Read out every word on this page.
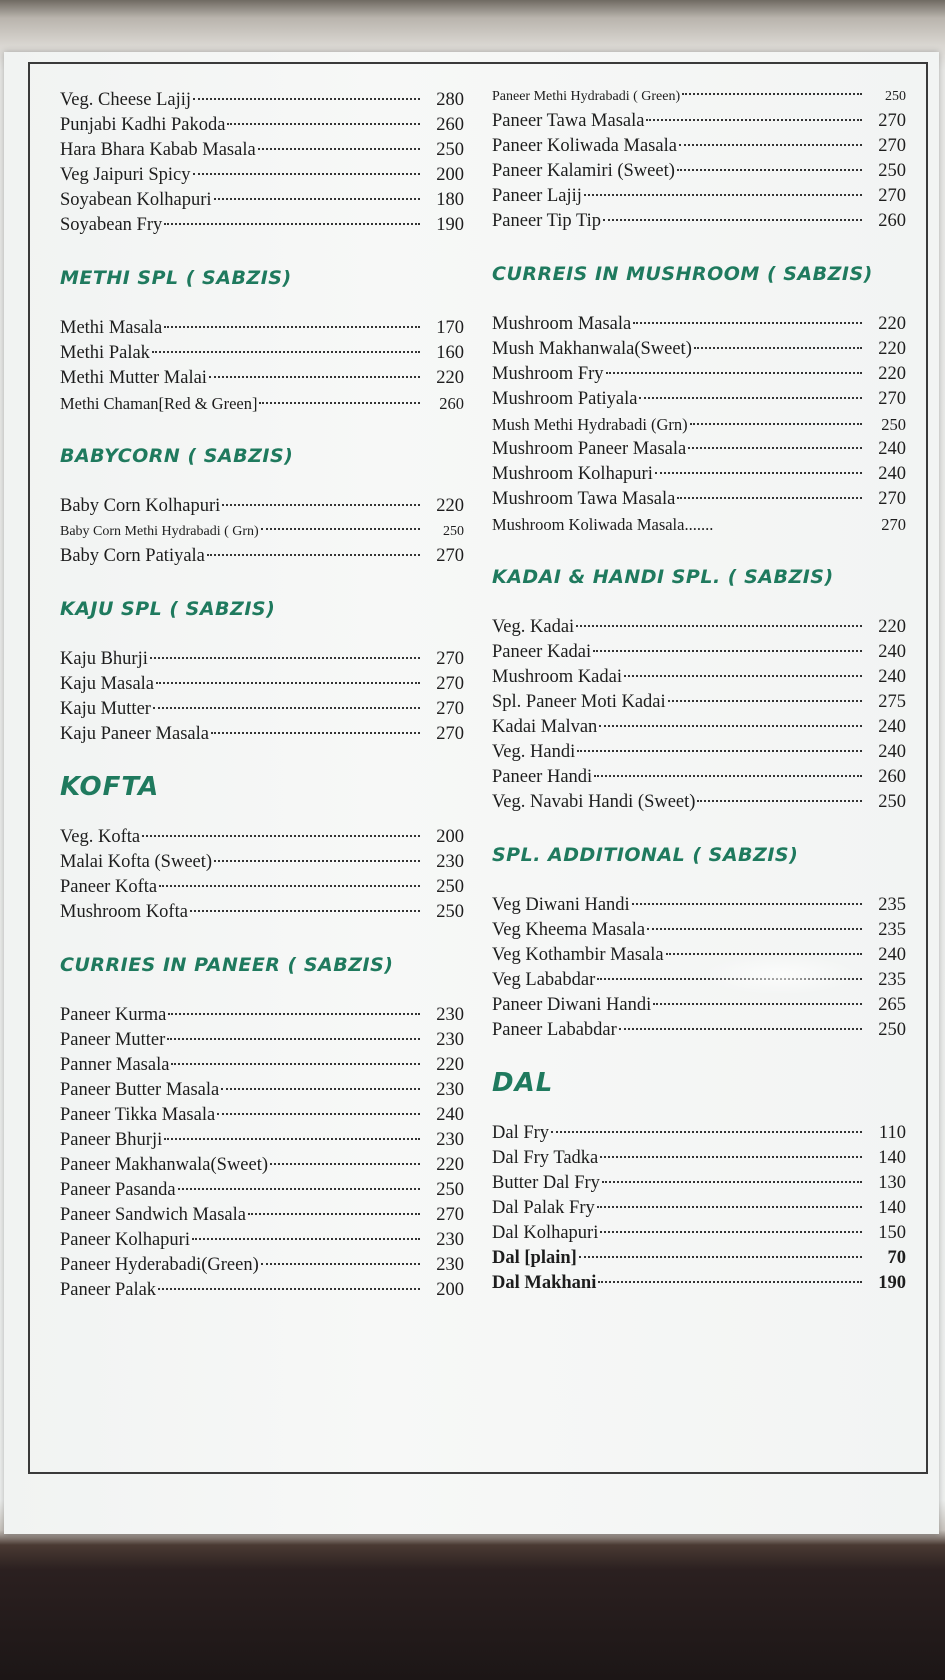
Veg. Cheese Lajij	280
Punjabi Kadhi Pakoda	260
Hara Bhara Kabab Masala	250
Veg Jaipuri Spicy	200
Soyabean Kolhapuri	180
Soyabean Fry	190
METHI SPL ( SABZIS)
Methi Masala	170
Methi Palak	160
Methi Mutter Malai	220
Methi Chaman[Red & Green]	260
BABYCORN ( SABZIS)
Baby Corn Kolhapuri	220
Baby Corn Methi Hydrabadi ( Grn)	250
Baby Corn Patiyala	270
KAJU SPL ( SABZIS)
Kaju Bhurji	270
Kaju Masala	270
Kaju Mutter	270
Kaju Paneer Masala	270
KOFTA
Veg. Kofta	200
Malai Kofta (Sweet)	230
Paneer Kofta	250
Mushroom Kofta	250
CURRIES IN PANEER ( SABZIS)
Paneer Kurma	230
Paneer Mutter	230
Panner Masala	220
Paneer Butter Masala	230
Paneer Tikka Masala	240
Paneer Bhurji	230
Paneer Makhanwala(Sweet)	220
Paneer Pasanda	250
Paneer Sandwich Masala	270
Paneer Kolhapuri	230
Paneer Hyderabadi(Green)	230
Paneer Palak	200
Paneer Methi Hydrabadi ( Green)	250
Paneer Tawa Masala	270
Paneer Koliwada Masala	270
Paneer Kalamiri (Sweet)	250
Paneer Lajij	270
Paneer Tip Tip	260
CURREIS IN MUSHROOM ( SABZIS)
Mushroom Masala	220
Mush Makhanwala(Sweet)	220
Mushroom Fry	220
Mushroom Patiyala	270
Mush Methi Hydrabadi (Grn)	250
Mushroom Paneer Masala	240
Mushroom Kolhapuri	240
Mushroom Tawa Masala	270
Mushroom Koliwada Masala.......	270
KADAI & HANDI SPL. ( SABZIS)
Veg. Kadai	220
Paneer Kadai	240
Mushroom Kadai	240
Spl. Paneer Moti Kadai	275
Kadai Malvan	240
Veg. Handi	240
Paneer Handi	260
Veg. Navabi Handi (Sweet)	250
SPL. ADDITIONAL ( SABZIS)
Veg Diwani Handi	235
Veg Kheema Masala	235
Veg Kothambir Masala	240
Veg Lababdar	235
Paneer Diwani Handi	265
Paneer Lababdar	250
DAL
Dal Fry	110
Dal Fry Tadka	140
Butter Dal Fry	130
Dal Palak Fry	140
Dal Kolhapuri	150
Dal [plain]	70
Dal Makhani	190
